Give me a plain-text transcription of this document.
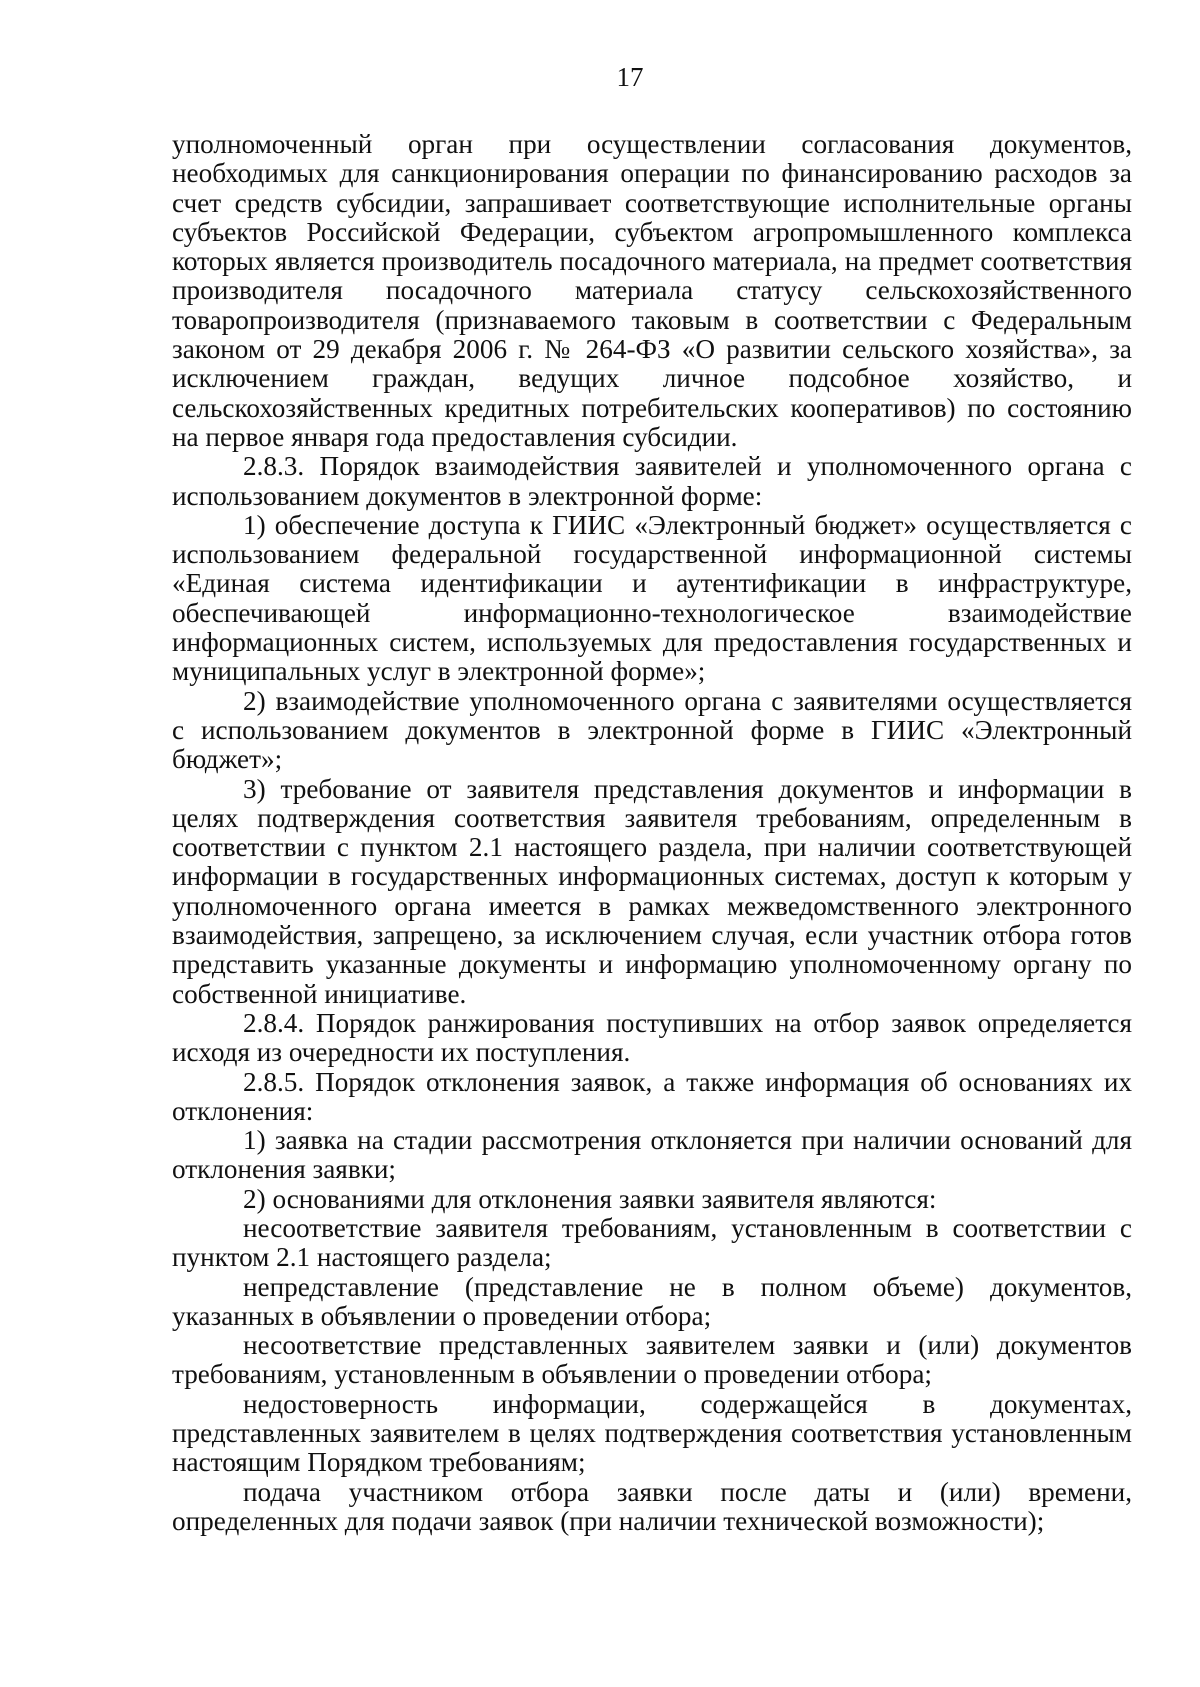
17

уполномоченный орган при осуществлении согласования документов, необходимых для санкционирования операции по финансированию расходов за счет средств субсидии, запрашивает соответствующие исполнительные органы субъектов Российской Федерации, субъектом агропромышленного комплекса которых является производитель посадочного материала, на предмет соответствия производителя посадочного материала статусу сельскохозяйственного товаропроизводителя (признаваемого таковым в соответствии с Федеральным законом от 29 декабря 2006 г. № 264-ФЗ «О развитии сельского хозяйства», за исключением граждан, ведущих личное подсобное хозяйство, и сельскохозяйственных кредитных потребительских кооперативов) по состоянию на первое января года предоставления субсидии.

2.8.3. Порядок взаимодействия заявителей и уполномоченного органа с использованием документов в электронной форме:

1) обеспечение доступа к ГИИС «Электронный бюджет» осуществляется с использованием федеральной государственной информационной системы «Единая система идентификации и аутентификации в инфраструктуре, обеспечивающей информационно-технологическое взаимодействие информационных систем, используемых для предоставления государственных и муниципальных услуг в электронной форме»;

2) взаимодействие уполномоченного органа с заявителями осуществляется с использованием документов в электронной форме в ГИИС «Электронный бюджет»;

3) требование от заявителя представления документов и информации в целях подтверждения соответствия заявителя требованиям, определенным в соответствии с пунктом 2.1 настоящего раздела, при наличии соответствующей информации в государственных информационных системах, доступ к которым у уполномоченного органа имеется в рамках межведомственного электронного взаимодействия, запрещено, за исключением случая, если участник отбора готов представить указанные документы и информацию уполномоченному органу по собственной инициативе.

2.8.4. Порядок ранжирования поступивших на отбор заявок определяется исходя из очередности их поступления.

2.8.5. Порядок отклонения заявок, а также информация об основаниях их отклонения:

1) заявка на стадии рассмотрения отклоняется при наличии оснований для отклонения заявки;

2) основаниями для отклонения заявки заявителя являются:

несоответствие заявителя требованиям, установленным в соответствии с пунктом 2.1 настоящего раздела;

непредставление (представление не в полном объеме) документов, указанных в объявлении о проведении отбора;

несоответствие представленных заявителем заявки и (или) документов требованиям, установленным в объявлении о проведении отбора;

недостоверность информации, содержащейся в документах, представленных заявителем в целях подтверждения соответствия установленным настоящим Порядком требованиям;

подача участником отбора заявки после даты и (или) времени, определенных для подачи заявок (при наличии технической возможности);
